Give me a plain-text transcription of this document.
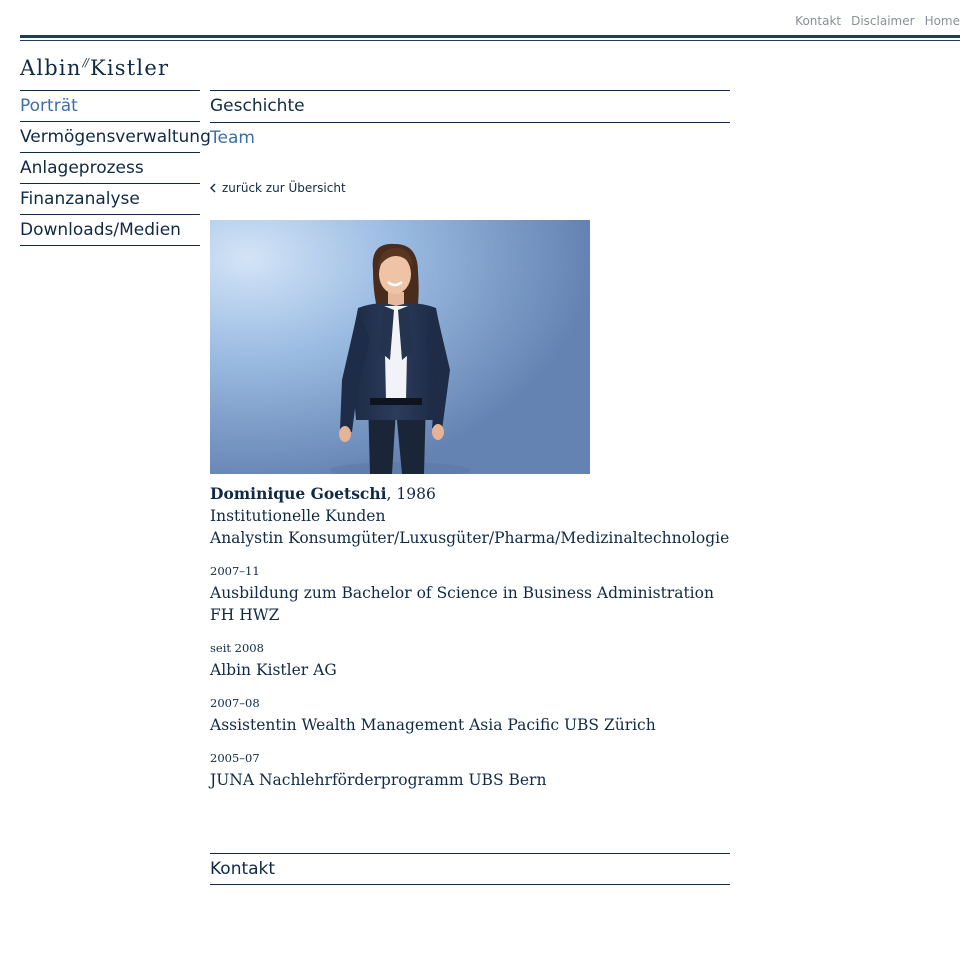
Kontakt Disclaimer Home
Albin // Kistler
Porträt
Vermögensverwaltung
Anlageprozess
Finanzanalyse
Downloads/Medien
Geschichte
Team
zurück zur Übersicht
Dominique Goetschi, 1986
Institutionelle Kunden
Analystin Konsumgüter/Luxusgüter/Pharma/Medizinaltechnologie
2007–11
Ausbildung zum Bachelor of Science in Business Administration FH HWZ
seit 2008
Albin Kistler AG
2007–08
Assistentin Wealth Management Asia Pacific UBS Zürich
2005–07
JUNA Nachlehrförderprogramm UBS Bern
Kontakt
